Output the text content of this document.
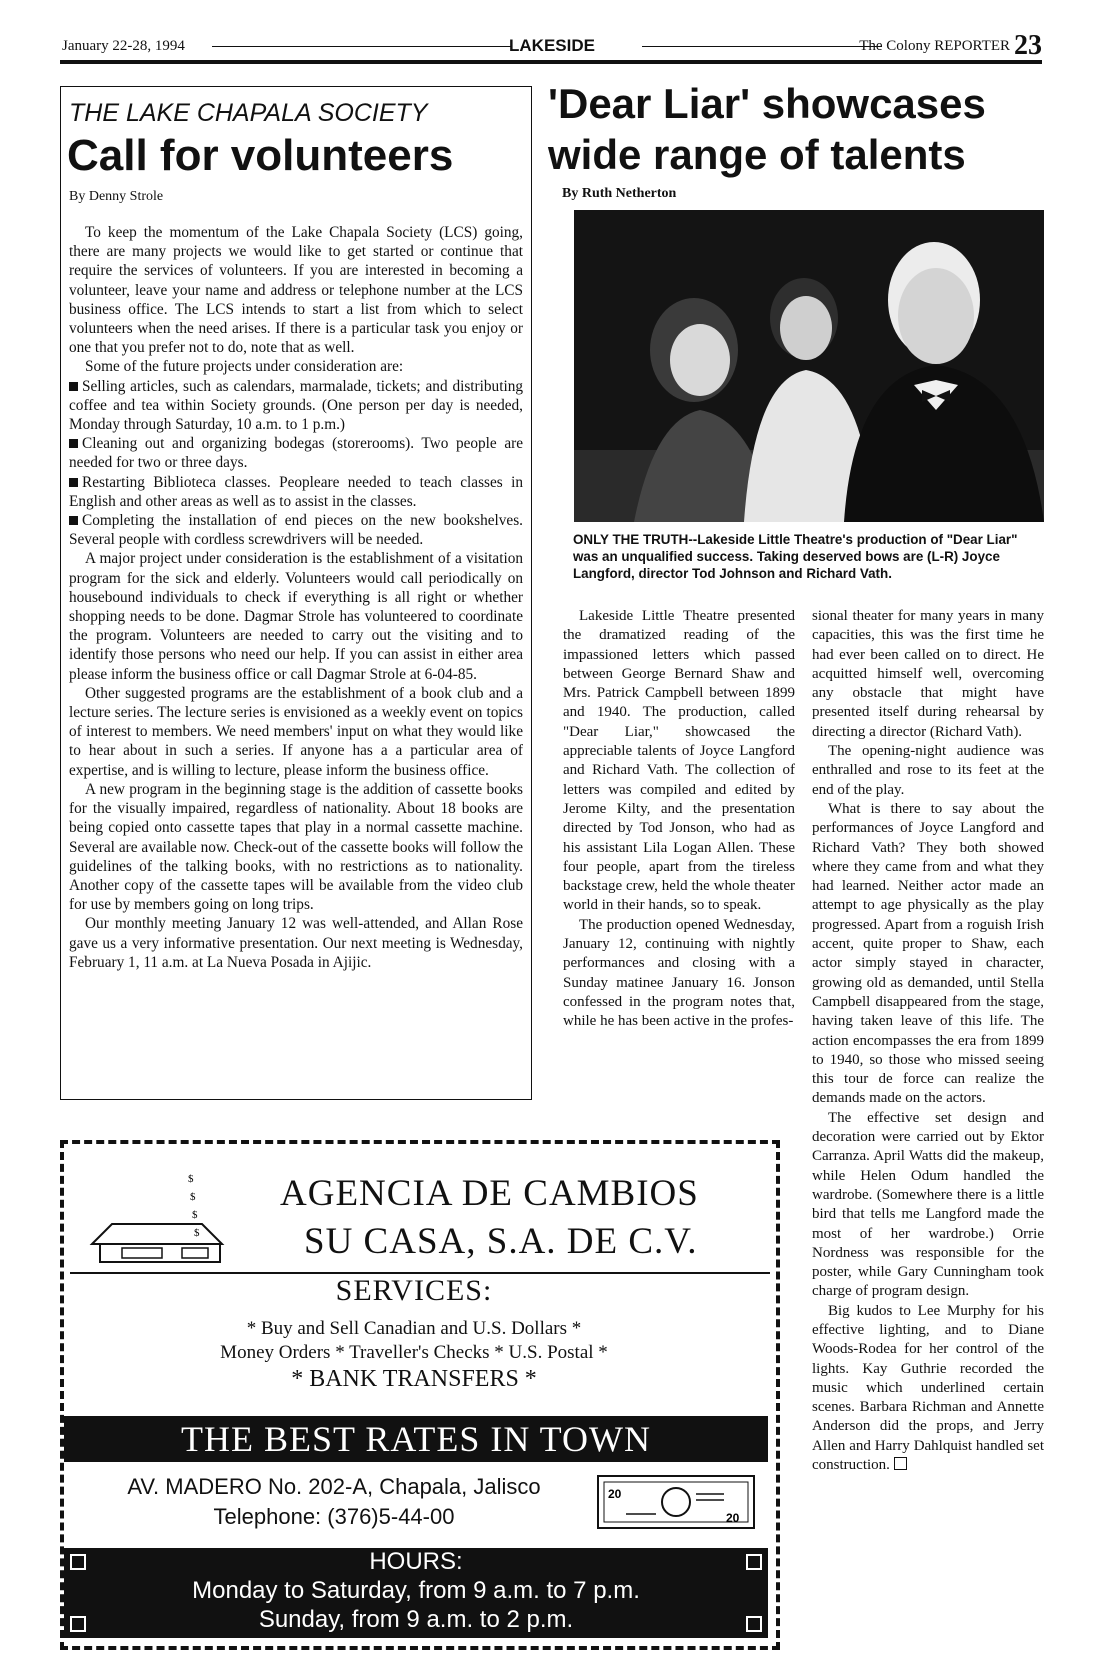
January 22-28, 1994	LAKESIDE	The Colony REPORTER 23
THE LAKE CHAPALA SOCIETY
Call for volunteers
By Denny Strole

To keep the momentum of the Lake Chapala Society (LCS) going, there are many projects we would like to get started or continue that require the services of volunteers. If you are interested in becoming a volunteer, leave your name and address or telephone number at the LCS business office. The LCS intends to start a list from which to select volunteers when the need arises. If there is a particular task you enjoy or one that you prefer not to do, note that as well.

Some of the future projects under consideration are:

Selling articles, such as calendars, marmalade, tickets; and distributing coffee and tea within Society grounds. (One person per day is needed, Monday through Saturday, 10 a.m. to 1 p.m.)

Cleaning out and organizing bodegas (storerooms). Two people are needed for two or three days.

Restarting Biblioteca classes. Peopleare needed to teach classes in English and other areas as well as to assist in the classes.

Completing the installation of end pieces on the new bookshelves. Several people with cordless screwdrivers will be needed.

A major project under consideration is the establishment of a visitation program for the sick and elderly. Volunteers would call periodically on housebound individuals to check if everything is all right or whether shopping needs to be done. Dagmar Strole has volunteered to coordinate the program. Volunteers are needed to carry out the visiting and to identify those persons who need our help. If you can assist in either area please inform the business office or call Dagmar Strole at 6-04-85.

Other suggested programs are the establishment of a book club and a lecture series. The lecture series is envisioned as a weekly event on topics of interest to members. We need members' input on what they would like to hear about in such a series. If anyone has a a particular area of expertise, and is willing to lecture, please inform the business office.

A new program in the beginning stage is the addition of cassette books for the visually impaired, regardless of nationality. About 18 books are being copied onto cassette tapes that play in a normal cassette machine. Several are available now. Check-out of the cassette books will follow the guidelines of the talking books, with no restrictions as to nationality. Another copy of the cassette tapes will be available from the video club for use by members going on long trips.

Our monthly meeting January 12 was well-attended, and Allan Rose gave us a very informative presentation. Our next meeting is Wednesday, February 1, 11 a.m. at La Nueva Posada in Ajijic.

'Dear Liar' showcases wide range of talents
By Ruth Netherton
ONLY THE TRUTH--Lakeside Little Theatre's production of "Dear Liar" was an unqualified success. Taking deserved bows are (L-R) Joyce Langford, director Tod Johnson and Richard Vath.

Lakeside Little Theatre presented the dramatized reading of the impassioned letters which passed between George Bernard Shaw and Mrs. Patrick Campbell between 1899 and 1940. The production, called "Dear Liar," showcased the appreciable talents of Joyce Langford and Richard Vath. The collection of letters was compiled and edited by Jerome Kilty, and the presentation directed by Tod Jonson, who had as his assistant Lila Logan Allen. These four people, apart from the tireless backstage crew, held the whole theater world in their hands, so to speak.

The production opened Wednesday, January 12, continuing with nightly performances and closing with a Sunday matinee January 16. Jonson confessed in the program notes that, while he has been active in the profes-

sional theater for many years in many capacities, this was the first time he had ever been called on to direct. He acquitted himself well, overcoming any obstacle that might have presented itself during rehearsal by directing a director (Richard Vath).

The opening-night audience was enthralled and rose to its feet at the end of the play.

What is there to say about the performances of Joyce Langford and Richard Vath? They both showed where they came from and what they had learned. Neither actor made an attempt to age physically as the play progressed. Apart from a roguish Irish accent, quite proper to Shaw, each actor simply stayed in character, growing old as demanded, until Stella Campbell disappeared from the stage, having taken leave of this life. The action encompasses the era from 1899 to 1940, so those who missed seeing this tour de force can realize the demands made on the actors.

The effective set design and decoration were carried out by Ektor Carranza. April Watts did the makeup, while Helen Odum handled the wardrobe. (Somewhere there is a little bird that tells me Langford made the most of her wardrobe.) Orrie Nordness was responsible for the poster, while Gary Cunningham took charge of program design.

Big kudos to Lee Murphy for his effective lighting, and to Diane Woods-Rodea for her control of the lights. Kay Guthrie recorded the music which underlined certain scenes. Barbara Richman and Annette Anderson did the props, and Jerry Allen and Harry Dahlquist handled set construction.

$
$
$
$
AGENCIA DE CAMBIOS
SU CASA, S.A. DE C.V.
SERVICES:
* Buy and Sell Canadian and U.S. Dollars *
Money Orders * Traveller's Checks * U.S. Postal *
* BANK TRANSFERS *
THE BEST RATES IN TOWN
AV. MADERO No. 202-A, Chapala, Jalisco
Telephone: (376)5-44-00
20
20
HOURS:
Monday to Saturday, from 9 a.m. to 7 p.m.
Sunday, from 9 a.m. to 2 p.m.
